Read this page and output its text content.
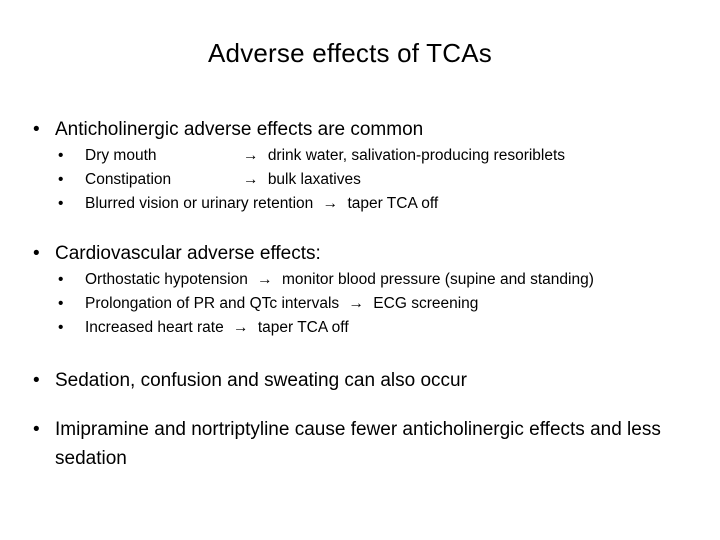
Adverse effects of TCAs
• Anticholinergic adverse effects are common
• Dry mouth	→ drink water, salivation-producing resoriblets
• Constipation	→ bulk laxatives
• Blurred vision or urinary retention → taper TCA off
• Cardiovascular adverse effects:
• Orthostatic hypotension → monitor blood pressure (supine and standing)
• Prolongation of PR and QTc intervals → ECG screening
• Increased heart rate → taper TCA off
• Sedation, confusion and sweating can also occur
• Imipramine and nortriptyline cause fewer anticholinergic effects and less sedation
